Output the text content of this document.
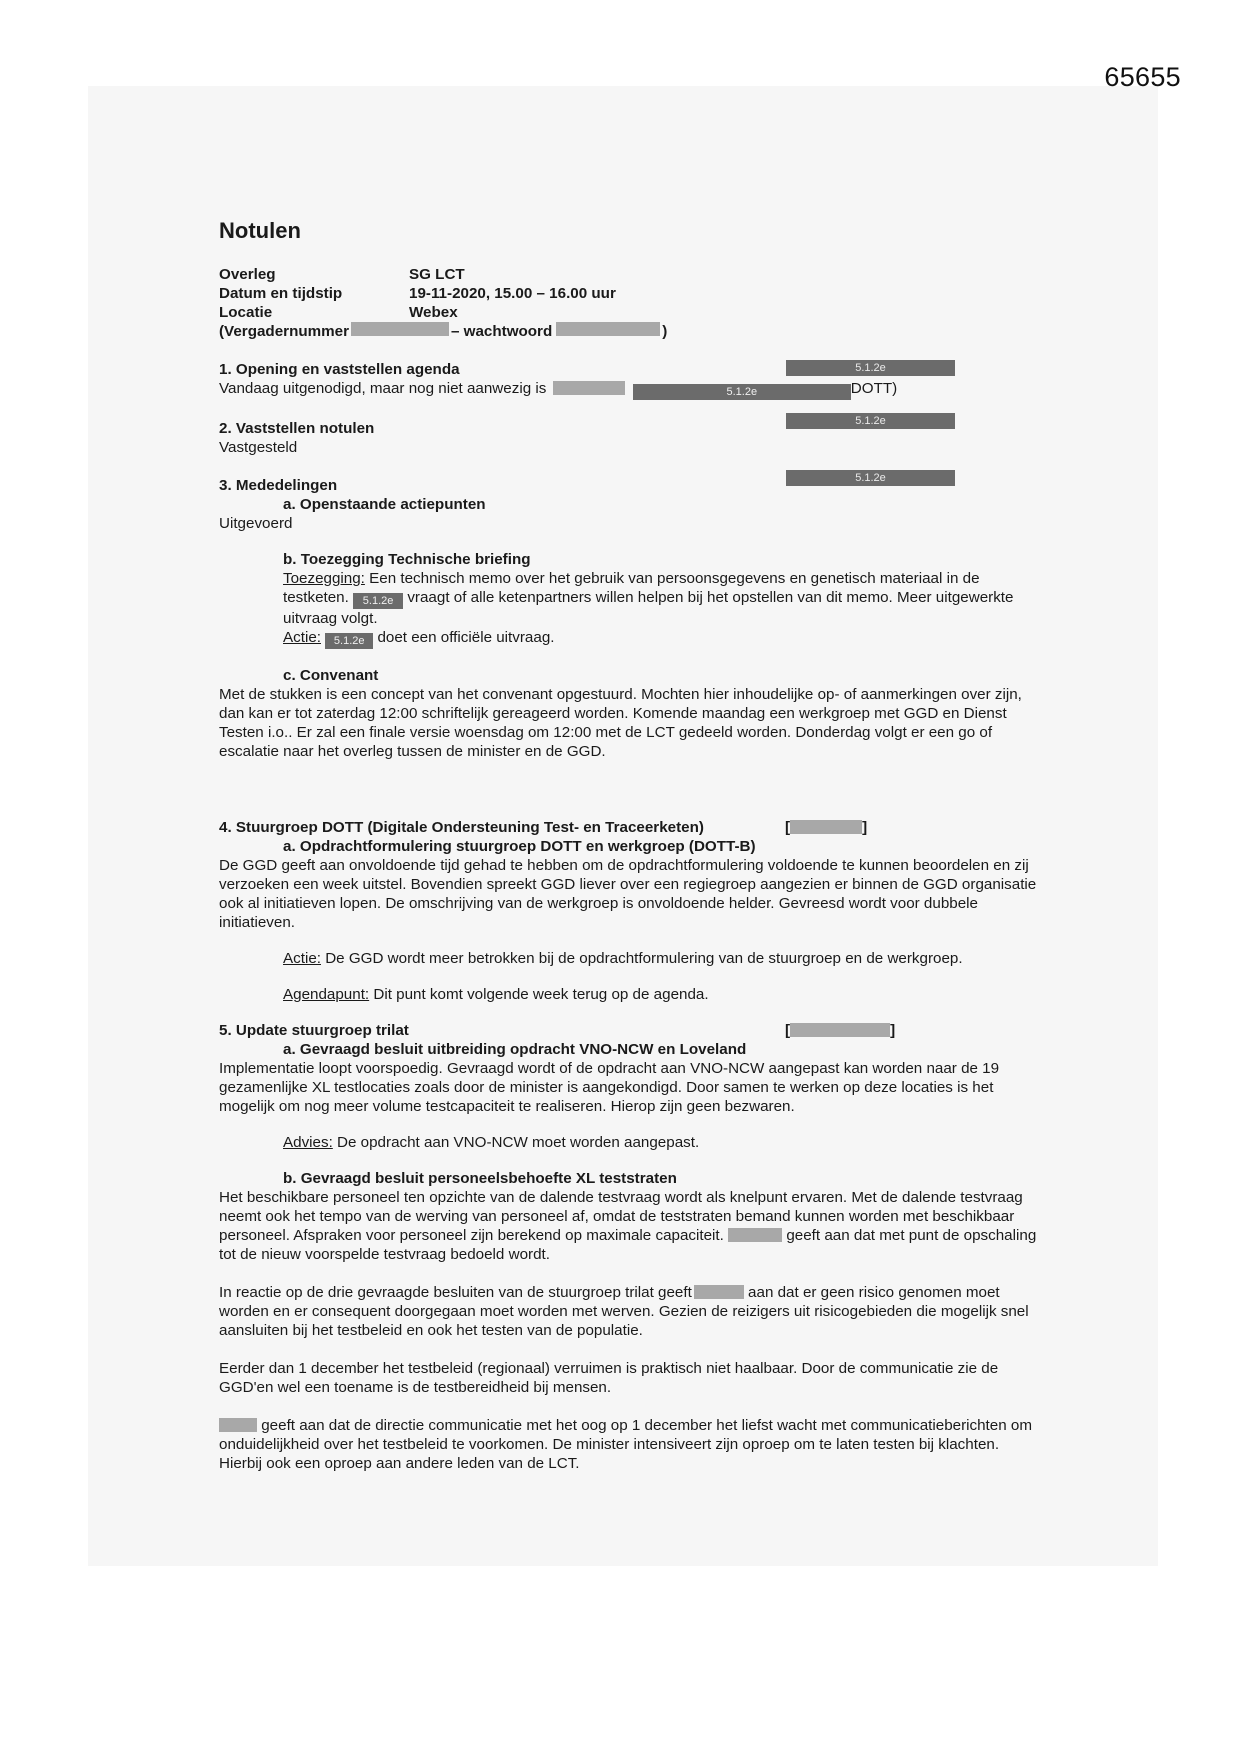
65655
5.1.2e
5.1.2e
5.1.2e
Notulen
Overleg	SG LCT
Datum en tijdstip	19-11-2020, 15.00 – 16.00 uur
Locatie	Webex
(Vergadernummer	– wachtwoord	)
1. Opening en vaststellen agenda
Vandaag uitgenodigd, maar nog niet aanwezig is	5.1.2e	DOTT)
2. Vaststellen notulen
Vastgesteld
3. Mededelingen
a. Openstaande actiepunten
Uitgevoerd
b. Toezegging Technische briefing

Toezegging: Een technisch memo over het gebruik van persoonsgegevens en genetisch materiaal in de testketen. 5.1.2e vraagt of alle ketenpartners willen helpen bij het opstellen van dit memo. Meer uitgewerkte uitvraag volgt.

Actie: 5.1.2e doet een officiële uitvraag.

c. Convenant

Met de stukken is een concept van het convenant opgestuurd. Mochten hier inhoudelijke op- of aanmerkingen over zijn, dan kan er tot zaterdag 12:00 schriftelijk gereageerd worden. Komende maandag een werkgroep met GGD en Dienst Testen i.o.. Er zal een finale versie woensdag om 12:00 met de LCT gedeeld worden. Donderdag volgt er een go of escalatie naar het overleg tussen de minister en de GGD.

4. Stuurgroep DOTT (Digitale Ondersteuning Test- en Traceerketen)	[	]
a. Opdrachtformulering stuurgroep DOTT en werkgroep (DOTT-B)

De GGD geeft aan onvoldoende tijd gehad te hebben om de opdrachtformulering voldoende te kunnen beoordelen en zij verzoeken een week uitstel. Bovendien spreekt GGD liever over een regiegroep aangezien er binnen de GGD organisatie ook al initiatieven lopen. De omschrijving van de werkgroep is onvoldoende helder. Gevreesd wordt voor dubbele initiatieven.

Actie: De GGD wordt meer betrokken bij de opdrachtformulering van de stuurgroep en de werkgroep.

Agendapunt: Dit punt komt volgende week terug op de agenda.

5. Update stuurgroep trilat	[	]
a. Gevraagd besluit uitbreiding opdracht VNO-NCW en Loveland

Implementatie loopt voorspoedig. Gevraagd wordt of de opdracht aan VNO-NCW aangepast kan worden naar de 19 gezamenlijke XL testlocaties zoals door de minister is aangekondigd. Door samen te werken op deze locaties is het mogelijk om nog meer volume testcapaciteit te realiseren. Hierop zijn geen bezwaren.

Advies: De opdracht aan VNO-NCW moet worden aangepast.

b. Gevraagd besluit personeelsbehoefte XL teststraten

Het beschikbare personeel ten opzichte van de dalende testvraag wordt als knelpunt ervaren. Met de dalende testvraag neemt ook het tempo van de werving van personeel af, omdat de teststraten bemand kunnen worden met beschikbaar personeel. Afspraken voor personeel zijn berekend op maximale capaciteit.	geeft aan dat met punt de opschaling tot de nieuw voorspelde testvraag bedoeld wordt.

In reactie op de drie gevraagde besluiten van de stuurgroep trilat geeft	aan dat er geen risico genomen moet worden en er consequent doorgegaan moet worden met werven. Gezien de reizigers uit risicogebieden die mogelijk snel aansluiten bij het testbeleid en ook het testen van de populatie.

Eerder dan 1 december het testbeleid (regionaal) verruimen is praktisch niet haalbaar. Door de communicatie zie de GGD'en wel een toename is de testbereidheid bij mensen.

geeft aan dat de directie communicatie met het oog op 1 december het liefst wacht met communicatieberichten om onduidelijkheid over het testbeleid te voorkomen. De minister intensiveert zijn oproep om te laten testen bij klachten. Hierbij ook een oproep aan andere leden van de LCT.
